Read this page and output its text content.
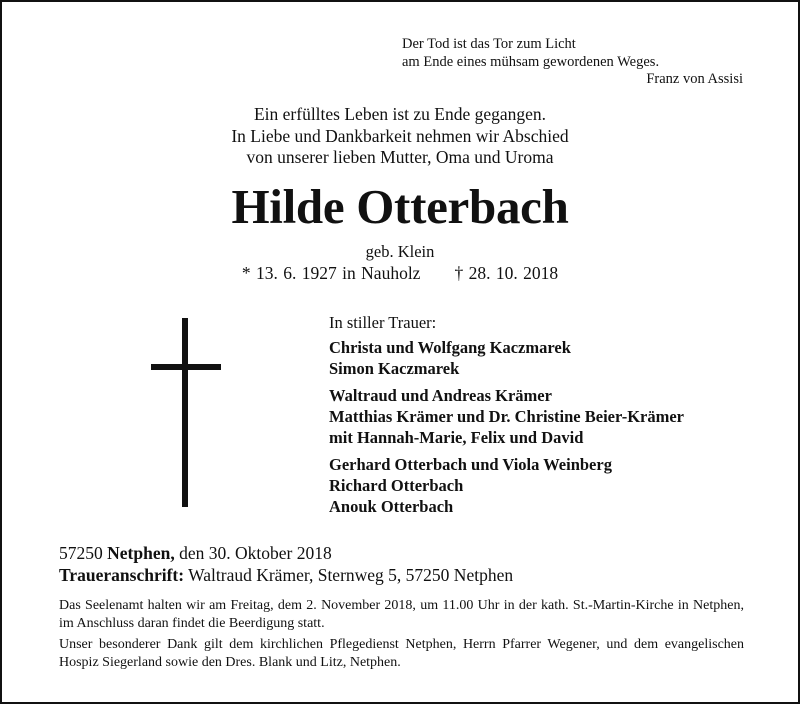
Der Tod ist das Tor zum Licht
am Ende eines mühsam gewordenen Weges.
Franz von Assisi
Ein erfülltes Leben ist zu Ende gegangen.
In Liebe und Dankbarkeit nehmen wir Abschied
von unserer lieben Mutter, Oma und Uroma
Hilde Otterbach
geb. Klein
* 13. 6. 1927 in Nauholz † 28. 10. 2018
In stiller Trauer:
Christa und Wolfgang Kaczmarek
Simon Kaczmarek
Waltraud und Andreas Krämer
Matthias Krämer und Dr. Christine Beier-Krämer
mit Hannah-Marie, Felix und David
Gerhard Otterbach und Viola Weinberg
Richard Otterbach
Anouk Otterbach
57250 Netphen, den 30. Oktober 2018
Traueranschrift: Waltraud Krämer, Sternweg 5, 57250 Netphen

Das Seelenamt halten wir am Freitag, dem 2. November 2018, um 11.00 Uhr in der kath. St.-Martin-Kirche in Netphen, im Anschluss daran findet die Beerdigung statt.

Unser besonderer Dank gilt dem kirchlichen Pflegedienst Netphen, Herrn Pfarrer Wegener, und dem evangelischen Hospiz Siegerland sowie den Dres. Blank und Litz, Netphen.
